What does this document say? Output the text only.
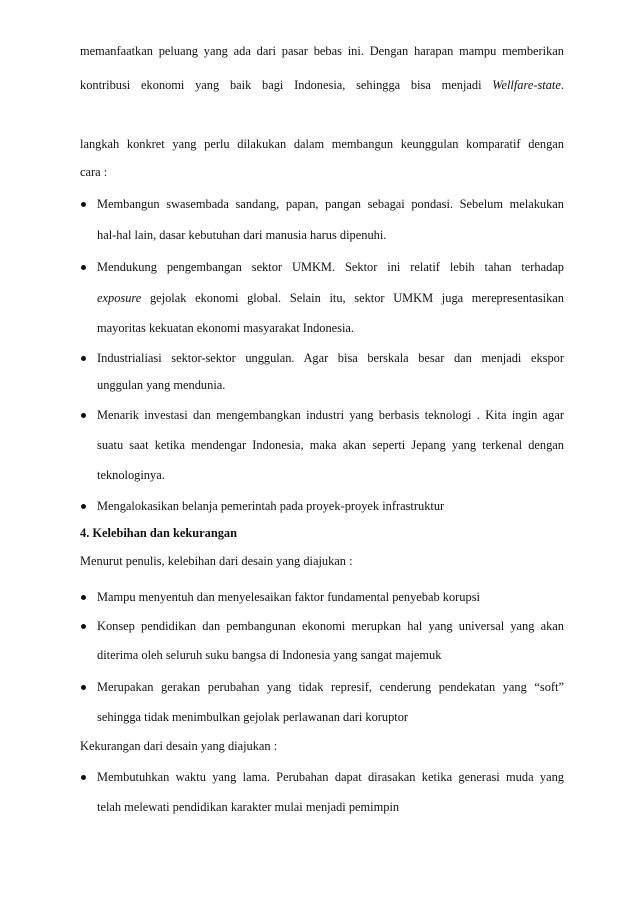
memanfaatkan peluang yang ada dari pasar bebas ini. Dengan harapan mampu memberikan
kontribusi ekonomi yang baik bagi Indonesia, sehingga bisa menjadi Wellfare-state.
langkah konkret yang perlu dilakukan dalam membangun keunggulan komparatif dengan
cara :
Membangun swasembada sandang, papan, pangan sebagai pondasi. Sebelum melakukan
hal-hal lain, dasar kebutuhan dari manusia harus dipenuhi.
Mendukung pengembangan sektor UMKM. Sektor ini relatif lebih tahan terhadap
exposure gejolak ekonomi global. Selain itu, sektor UMKM juga merepresentasikan
mayoritas kekuatan ekonomi masyarakat Indonesia.
Industrialiasi sektor-sektor unggulan. Agar bisa berskala besar dan menjadi ekspor
unggulan yang mendunia.
Menarik investasi dan mengembangkan industri yang berbasis teknologi . Kita ingin agar
suatu saat ketika mendengar Indonesia, maka akan seperti Jepang yang terkenal dengan
teknologinya.
Mengalokasikan belanja pemerintah pada proyek-proyek infrastruktur
4. Kelebihan dan kekurangan
Menurut penulis, kelebihan dari desain yang diajukan :
Mampu menyentuh dan menyelesaikan faktor fundamental penyebab korupsi
Konsep pendidikan dan pembangunan ekonomi merupkan hal yang universal yang akan
diterima oleh seluruh suku bangsa di Indonesia yang sangat majemuk
Merupakan gerakan perubahan yang tidak represif, cenderung pendekatan yang “soft”
sehingga tidak menimbulkan gejolak perlawanan dari koruptor
Kekurangan dari desain yang diajukan :
Membutuhkan waktu yang lama. Perubahan dapat dirasakan ketika generasi muda yang
telah melewati pendidikan karakter mulai menjadi pemimpin
